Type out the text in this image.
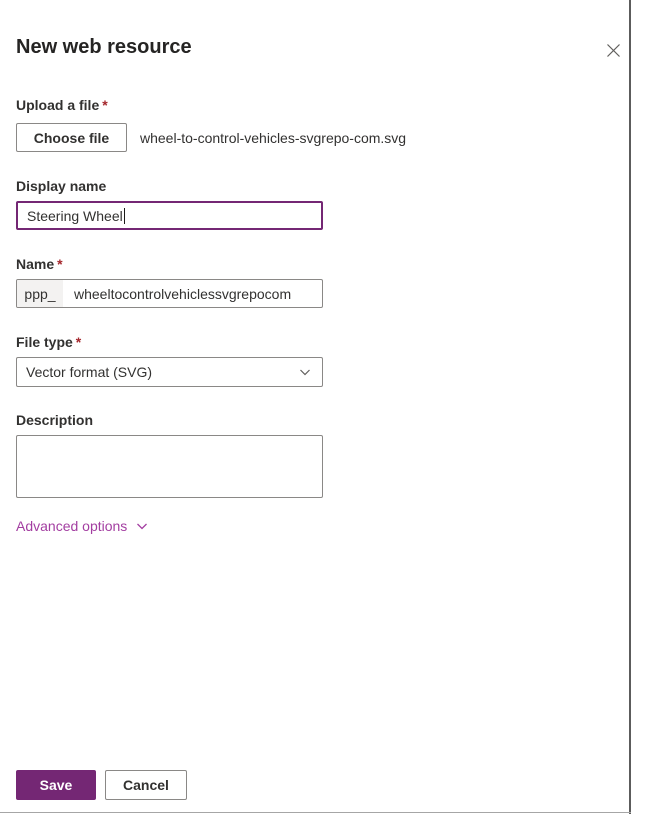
New web resource
Upload a file *
Choose file	wheel-to-control-vehicles-svgrepo-com.svg
Display name
Steering Wheel
Name *
ppp_	wheeltocontrolvehiclessvgrepocom
File type *
Vector format (SVG)
Description
Advanced options
Save	Cancel
